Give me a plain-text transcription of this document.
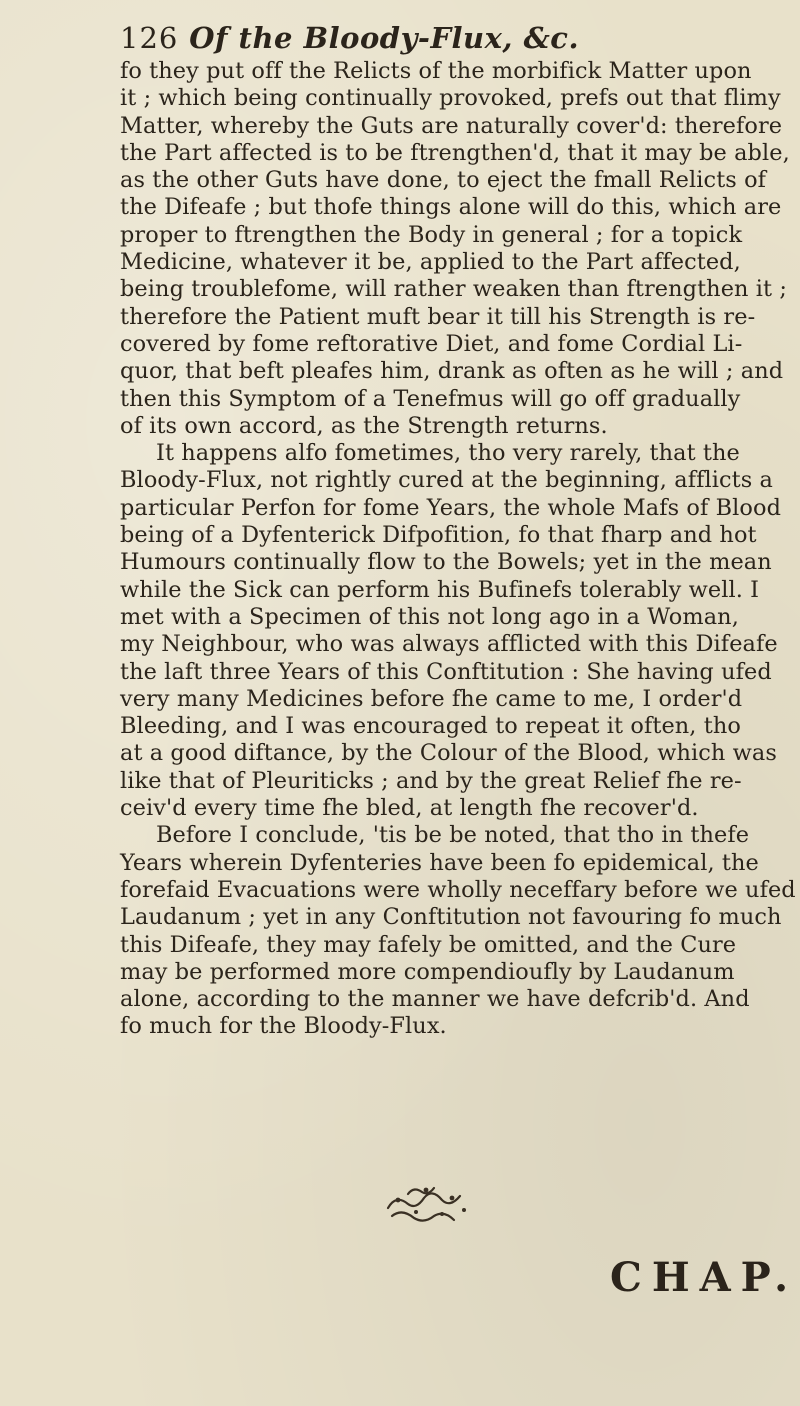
126 Of the Bloody-Flux, &c.
fo they put off the Relicts of the morbifick Matter upon
it ; which being continually provoked, prefs out that flimy
Matter, whereby the Guts are naturally cover'd: therefore
the Part affected is to be ftrengthen'd, that it may be able,
as the other Guts have done, to eject the fmall Relicts of
the Difeafe ; but thofe things alone will do this, which are
proper to ftrengthen the Body in general ; for a topick
Medicine, whatever it be, applied to the Part affected,
being troublefome, will rather weaken than ftrengthen it ;
therefore the Patient muft bear it till his Strength is re-
covered by fome reftorative Diet, and fome Cordial Li-
quor, that beft pleafes him, drank as often as he will ; and
then this Symptom of a Tenefmus will go off gradually
of its own accord, as the Strength returns.
It happens alfo fometimes, tho very rarely, that the
Bloody-Flux, not rightly cured at the beginning, afflicts a
particular Perfon for fome Years, the whole Mafs of Blood
being of a Dyfenterick Difpofition, fo that fharp and hot
Humours continually flow to the Bowels; yet in the mean
while the Sick can perform his Bufinefs tolerably well. I
met with a Specimen of this not long ago in a Woman,
my Neighbour, who was always afflicted with this Difeafe
the laft three Years of this Conftitution : She having ufed
very many Medicines before fhe came to me, I order'd
Bleeding, and I was encouraged to repeat it often, tho
at a good diftance, by the Colour of the Blood, which was
like that of Pleuriticks ; and by the great Relief fhe re-
ceiv'd every time fhe bled, at length fhe recover'd.
Before I conclude, 'tis be be noted, that tho in thefe
Years wherein Dyfenteries have been fo epidemical, the
forefaid Evacuations were wholly neceffary before we ufed
Laudanum ; yet in any Conftitution not favouring fo much
this Difeafe, they may fafely be omitted, and the Cure
may be performed more compendioufly by Laudanum
alone, according to the manner we have defcrib'd. And
fo much for the Bloody-Flux.
CHAP.
